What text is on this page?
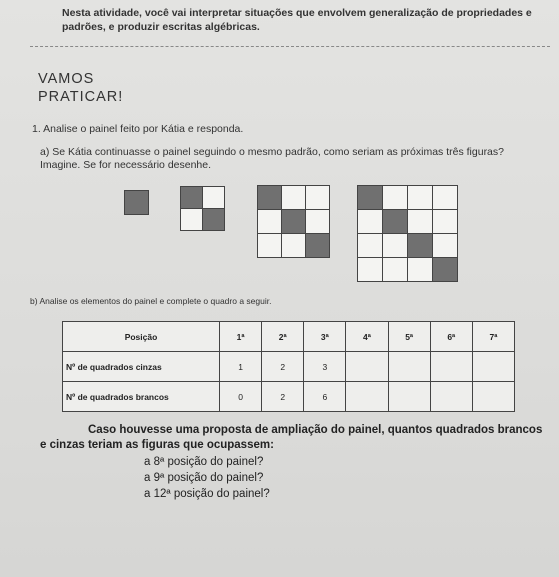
Nesta atividade, você vai interpretar situações que envolvem generalização de propriedades e padrões, e produzir escritas algébricas.
VAMOS
PRATICAR!
1. Analise o painel feito por Kátia e responda.
a) Se Kátia continuasse o painel seguindo o mesmo padrão, como seriam as próximas três figuras? Imagine. Se for necessário desenhe.
b) Analise os elementos do painel e complete o quadro a seguir.
Posição	1ª	2ª	3ª	4ª	5ª	6ª	7ª
Nº de quadrados cinzas	1	2	3				
Nº de quadrados brancos	0	2	6				
Caso houvesse uma proposta de ampliação do painel, quantos quadrados brancos e cinzas teriam as figuras que ocupassem:
a 8ª posição do painel?
a 9ª posição do painel?
a 12ª posição do painel?
